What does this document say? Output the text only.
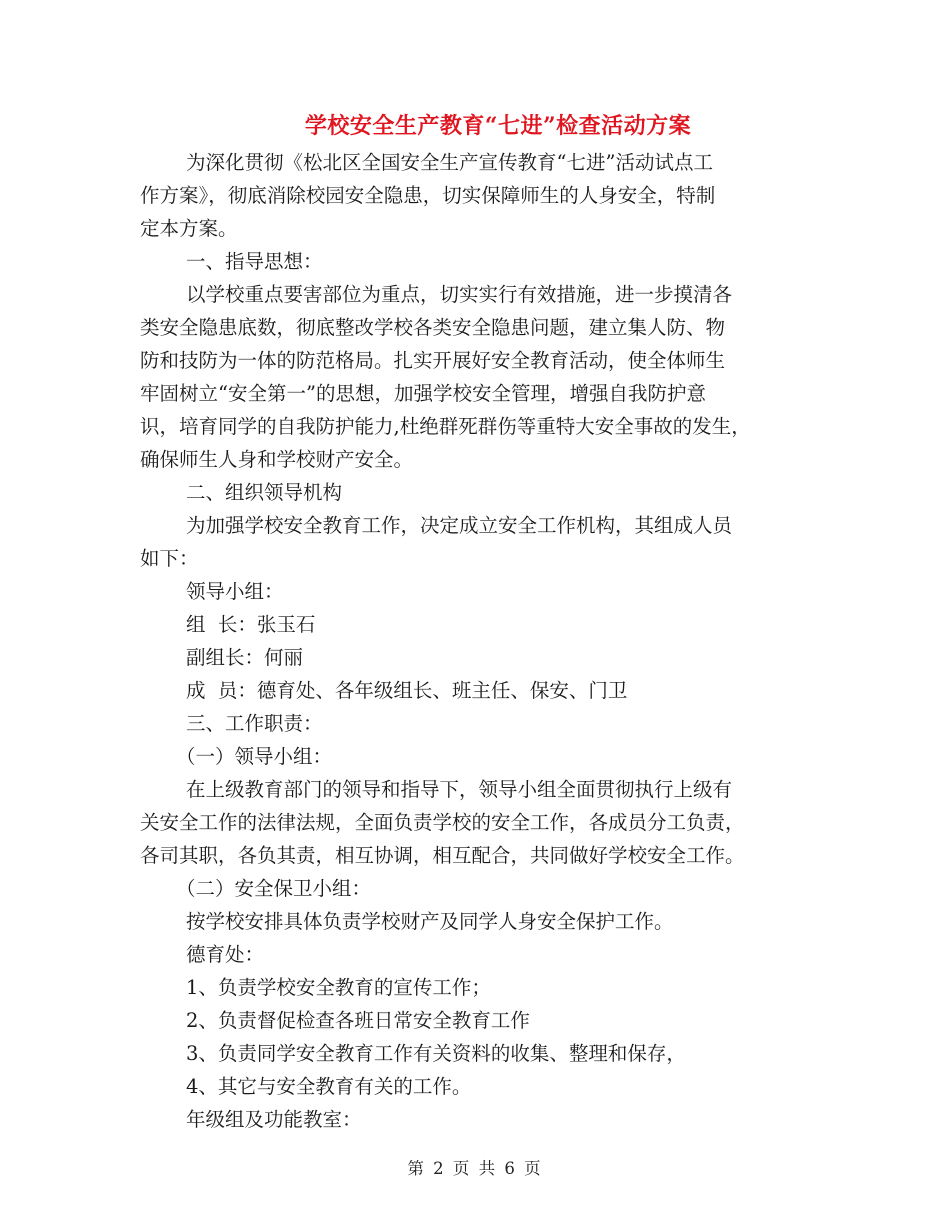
学校安全生产教育“七进”检查活动方案
为深化贯彻《松北区全国安全生产宣传教育“七进”活动试点工
作方案》，彻底消除校园安全隐患，切实保障师生的人身安全，特制
定本方案。
一、指导思想：
以学校重点要害部位为重点，切实实行有效措施，进一步摸清各
类安全隐患底数，彻底整改学校各类安全隐患问题，建立集人防、物
防和技防为一体的防范格局。扎实开展好安全教育活动，使全体师生
牢固树立“安全第一”的思想，加强学校安全管理，增强自我防护意
识，培育同学的自我防护能力,杜绝群死群伤等重特大安全事故的发生，
确保师生人身和学校财产安全。
二、组织领导机构
为加强学校安全教育工作，决定成立安全工作机构，其组成人员
如下：
领导小组：
组  长：张玉石
副组长：何丽
成  员：德育处、各年级组长、班主任、保安、门卫
三、工作职责：
（一）领导小组：
在上级教育部门的领导和指导下，领导小组全面贯彻执行上级有
关安全工作的法律法规，全面负责学校的安全工作，各成员分工负责，
各司其职，各负其责，相互协调，相互配合，共同做好学校安全工作。
（二）安全保卫小组：
按学校安排具体负责学校财产及同学人身安全保护工作。
德育处：
1、负责学校安全教育的宣传工作；
2、负责督促检查各班日常安全教育工作
3、负责同学安全教育工作有关资料的收集、整理和保存，
4、其它与安全教育有关的工作。
年级组及功能教室：
第 2 页 共 6 页
